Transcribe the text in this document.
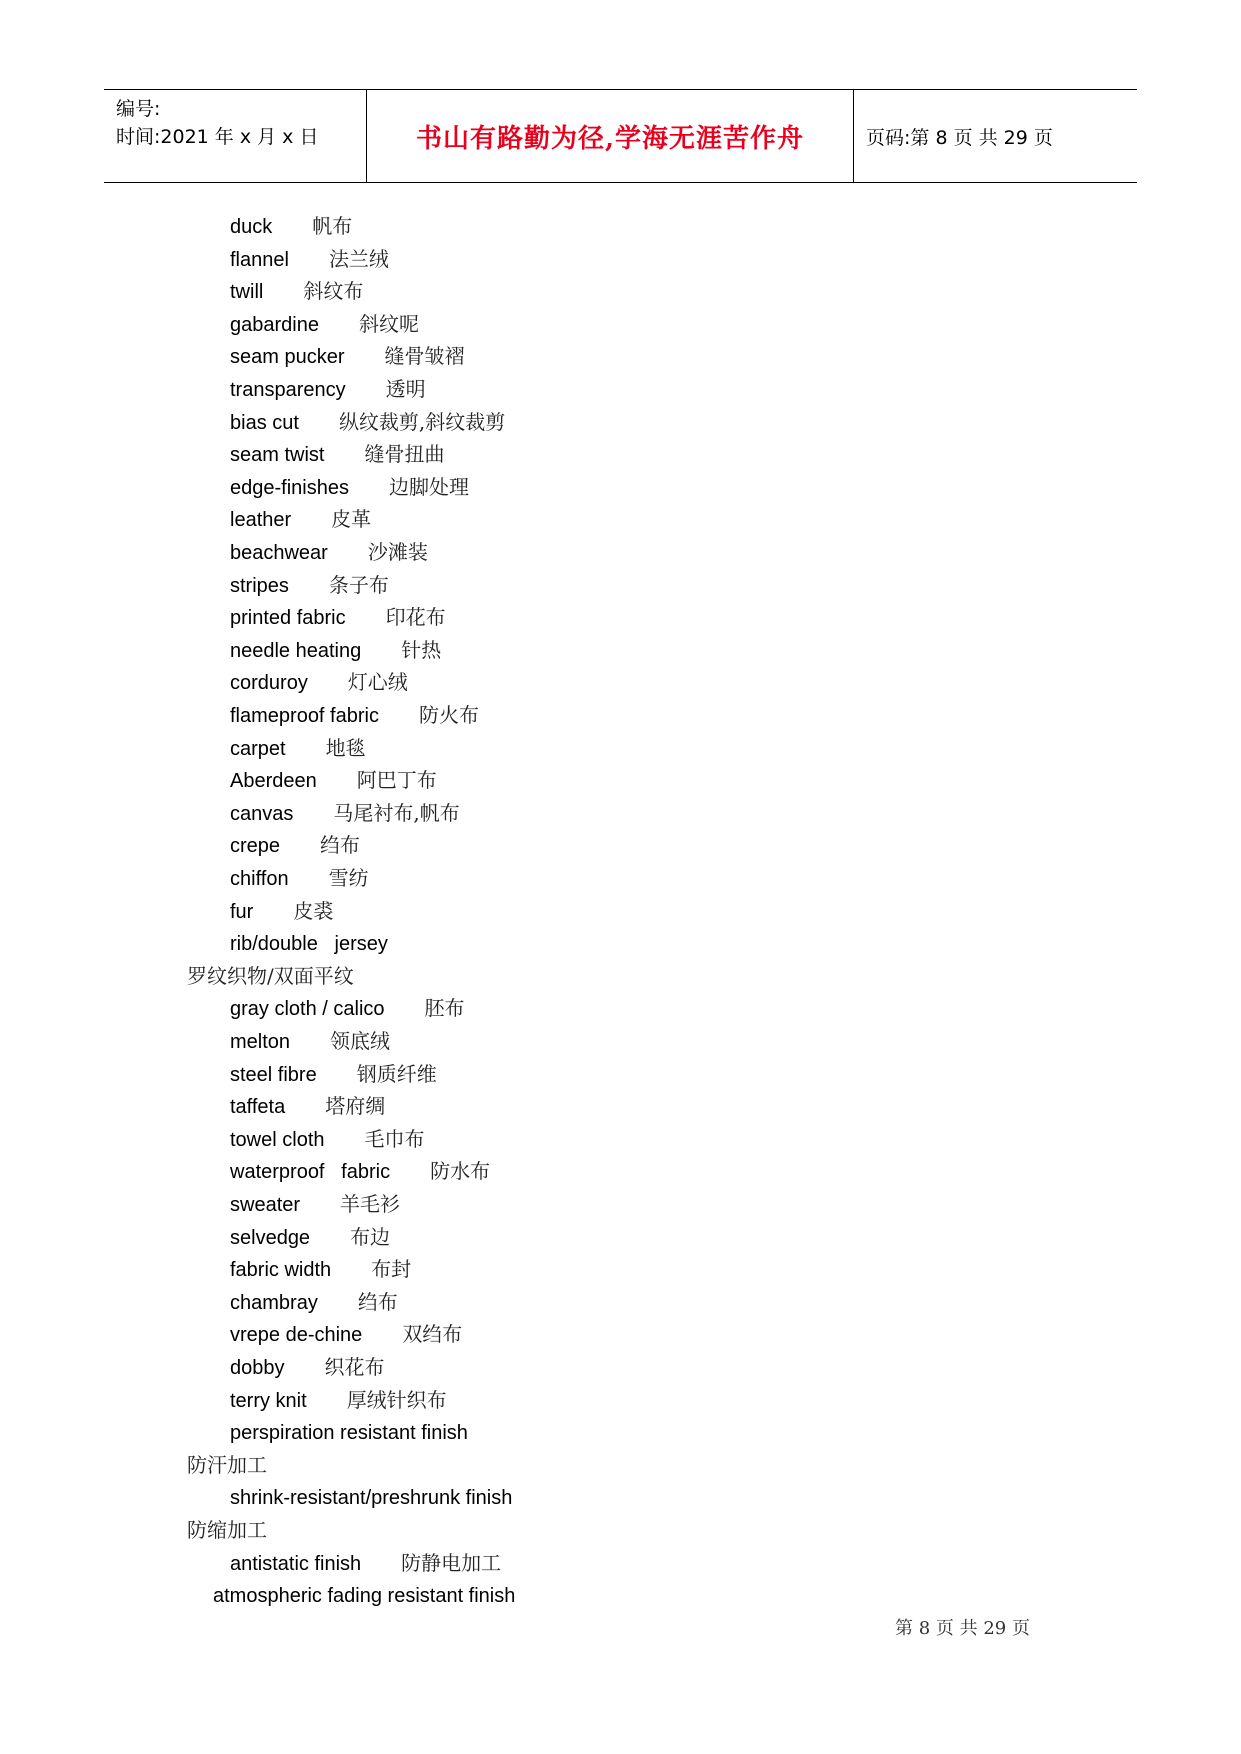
编号:
时间:2021 年 x 月 x 日	书山有路勤为径,学海无涯苦作舟	页码:第 8 页 共 29 页
duck 帆布
flannel 法兰绒
twill 斜纹布
gabardine 斜纹呢
seam pucker 缝骨皱褶
transparency 透明
bias cut 纵纹裁剪,斜纹裁剪
seam twist 缝骨扭曲
edge-finishes 边脚处理
leather 皮革
beachwear 沙滩装
stripes 条子布
printed fabric 印花布
needle heating 针热
corduroy 灯心绒
flameproof fabric 防火布
carpet 地毯
Aberdeen 阿巴丁布
canvas 马尾衬布,帆布
crepe 绉布
chiffon 雪纺
fur 皮裘
rib/double   jersey
罗纹织物/双面平纹
gray cloth / calico 胚布
melton 领底绒
steel fibre 钢质纤维
taffeta 塔府绸
towel cloth 毛巾布
waterproof   fabric 防水布
sweater 羊毛衫
selvedge 布边
fabric width 布封
chambray 绉布
vrepe de-chine 双绉布
dobby 织花布
terry knit 厚绒针织布
perspiration resistant finish
防汗加工
shrink-resistant/preshrunk finish
防缩加工
antistatic finish 防静电加工
atmospheric fading resistant finish
第 8 页 共 29 页
